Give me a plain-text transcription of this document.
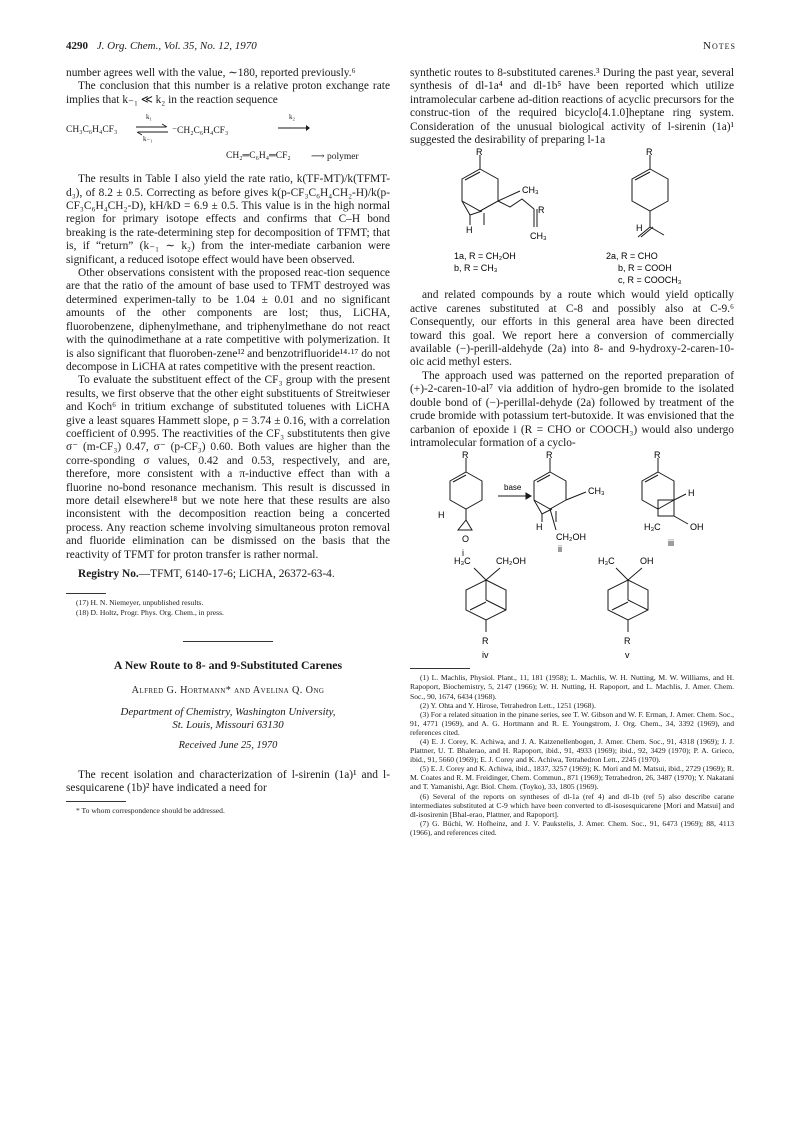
4290 J. Org. Chem., Vol. 35, No. 12, 1970	Notes

number agrees well with the value, ∼180, reported previously.⁶

The conclusion that this number is a relative proton exchange rate implies that k₋₁ ≪ k₂ in the reaction sequence

CH₃C₆H₄CF₃
k₁
k₋₁
⇌ ⁻CH₂C₆H₄CF₃
k₂
CH₂═C₆H₄═CF₂ ⟶ polymer

The results in Table I also yield the rate ratio, k(TF-MT)/k(TFMT-d₃), of 8.2 ± 0.5. Correcting as before gives k(p-CF₃C₆H₄CH₂-H)/k(p-CF₃C₆H₄CH₂-D), kH/kD = 6.9 ± 0.5. This value is in the high normal region for primary isotope effects and confirms that C–H bond breaking is the rate-determining step for decomposition of TFMT; that is, if “return” (k₋₁ ∼ k₂) from the inter-mediate carbanion were significant, a reduced isotope effect would have been observed.

Other observations consistent with the proposed reac-tion sequence are that the ratio of the amount of base used to TFMT destroyed was determined experimen-tally to be 1.04 ± 0.01 and no significant amounts of the other components are lost; thus, LiCHA, fluorobenzene, diphenylmethane, and triphenylmethane do not react with the quinodimethane at a rate competitive with polymerization. It is also significant that fluoroben-zene¹² and benzotrifluoride¹⁴·¹⁷ do not decompose in LiCHA at rates competitive with the present reaction.

To evaluate the substituent effect of the CF₃ group with the present results, we first observe that the other eight substituents of Streitwieser and Koch⁶ in tritium exchange of substituted toluenes with LiCHA give a least squares Hammett slope, ρ = 3.74 ± 0.16, with a correlation coefficient of 0.995. The reactivities of the CF₃ substitutents then give σ⁻ (m-CF₃) 0.47, σ⁻ (p-CF₃) 0.60. Both values are higher than the corre-sponding σ values, 0.42 and 0.53, respectively, and are, therefore, more consistent with a π-inductive effect than with a fluorine no-bond resonance mechanism. This result is discussed in more detail elsewhere¹⁸ but we note here that these results are also inconsistent with the decomposition reaction being a concerted process. Any reaction scheme involving simultaneous proton removal and fluoride elimination can be dismissed on the basis that the reactivity of TFMT for proton transfer is rather normal.

Registry No.—TFMT, 6140-17-6; LiCHA, 26372-63-4.

(17) H. N. Niemeyer, unpublished results.

(18) D. Holtz, Progr. Phys. Org. Chem., in press.

A New Route to 8- and 9-Substituted Carenes
Alfred G. Hortmann* and Avelina Q. Ong
Department of Chemistry, Washington University,
St. Louis, Missouri 63130
Received June 25, 1970

The recent isolation and characterization of l-sirenin (1a)¹ and l-sesquicarene (1b)² have indicated a need for

* To whom correspondence should be addressed.

synthetic routes to 8-substituted carenes.³ During the past year, several synthesis of dl-1a⁴ and dl-1b⁵ have been reported which utilize intramolecular carbene ad-dition reactions of acyclic precursors for the construc-tion of the required bicyclo[4.1.0]heptane ring system. Consideration of the unusual biological activity of l-sirenin (1a)¹ suggested the desirability of preparing l-1a

R
CH₃
R
H
CH₃
1a, R = CH₂OH
b, R = CH₃
R
H
2a, R = CHO
b, R = COOH
c, R = COOCH₃

and related compounds by a route which would yield optically active carenes substituted at C-8 and possibly also at C-9.⁶ Consequently, our efforts in this general area have been directed toward this goal. We report here a conversion of commercially available (−)-perill-aldehyde (2a) into 8- and 9-hydroxy-2-caren-10-oic acid methyl esters.

The approach used was patterned on the reported preparation of (+)-2-caren-10-al⁷ via addition of hydro-gen bromide to the isolated double bond of (−)-perillal-dehyde (2a) followed by treatment of the crude bromide with potassium tert-butoxide. It was envisioned that the carbanion of epoxide i (R = CHO or COOCH₃) would also undergo intramolecular formation of a cyclo-

R
H
O
i
base
R
CH₃
H
CH₂OH
ii
R
H
H₃C	OH
iii
H₃C	CH₂OH
R
iv
H₃C	OH
R
v

(1) L. Machlis, Physiol. Plant., 11, 181 (1958); L. Machlis, W. H. Nutting, M. W. Williams, and H. Rapoport, Biochemistry, 5, 2147 (1966); W. H. Nutting, H. Rapoport, and L. Machlis, J. Amer. Chem. Soc., 90, 1674, 6434 (1968).

(2) Y. Ohta and Y. Hirose, Tetrahedron Lett., 1251 (1968).

(3) For a related situation in the pinane series, see T. W. Gibson and W. F. Erman, J. Amer. Chem. Soc., 91, 4771 (1969), and A. G. Hortmann and R. E. Youngstrom, J. Org. Chem., 34, 3392 (1969), and references cited.

(4) E. J. Corey, K. Achiwa, and J. A. Katzenellenbogen, J. Amer. Chem. Soc., 91, 4318 (1969); J. J. Plattner, U. T. Bhalerao, and H. Rapoport, ibid., 91, 4933 (1969); ibid., 92, 3429 (1970); P. A. Grieco, ibid., 91, 5660 (1969); E. J. Corey and K. Achiwa, Tetrahedron Lett., 2245 (1970).

(5) E. J. Corey and K. Achiwa, ibid., 1837, 3257 (1969); K. Mori and M. Matsui, ibid., 2729 (1969); R. M. Coates and R. M. Freidinger, Chem. Commun., 871 (1969); Tetrahedron, 26, 3487 (1970); Y. Nakatani and T. Yamanishi, Agr. Biol. Chem. (Toyko), 33, 1805 (1969).

(6) Several of the reports on syntheses of dl-1a (ref 4) and dl-1b (ref 5) also describe carane intermediates substituted at C-9 which have been converted to dl-isosesquicarene [Mori and Matsui] and dl-isosirenin [Bhal-erao, Plattner, and Rapoport].

(7) G. Büchi, W. Hofheinz, and J. V. Paukstelis, J. Amer. Chem. Soc., 91, 6473 (1969); 88, 4113 (1966), and references cited.
